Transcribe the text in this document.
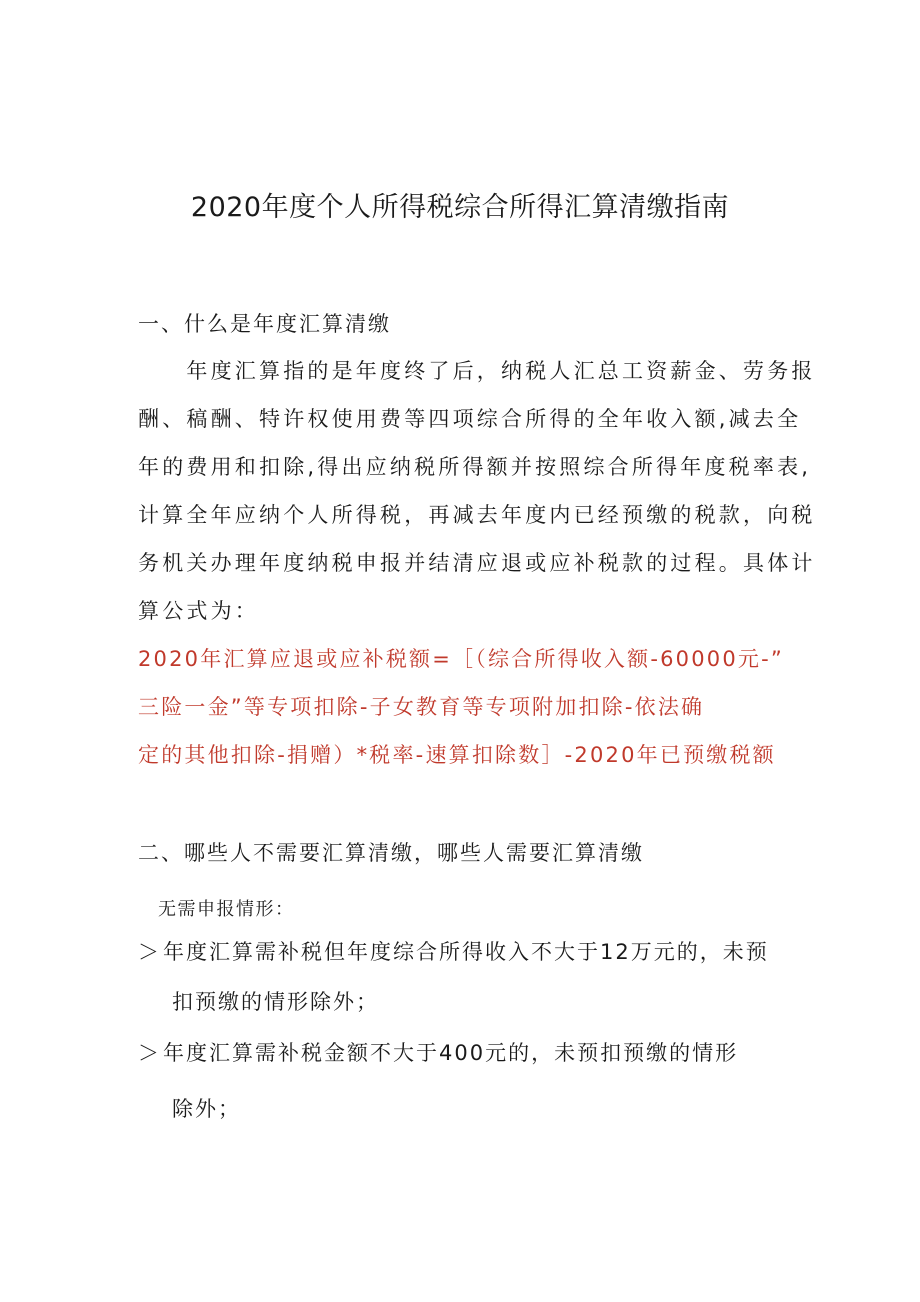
2020年度个人所得税综合所得汇算清缴指南
一、什么是年度汇算清缴
　　年度汇算指的是年度终了后，纳税人汇总工资薪金、劳务报
酬、稿酬、特许权使用费等四项综合所得的全年收入额,减去全
年的费用和扣除,得出应纳税所得额并按照综合所得年度税率表,
计算全年应纳个人所得税，再减去年度内已经预缴的税款，向税
务机关办理年度纳税申报并结清应退或应补税款的过程。具体计
算公式为：
2020年汇算应退或应补税额=［（综合所得收入额-60000元-”
三险一金”等专项扣除-子女教育等专项附加扣除-依法确
定的其他扣除-捐赠）*税率-速算扣除数］-2020年已预缴税额
二、哪些人不需要汇算清缴，哪些人需要汇算清缴
无需申报情形：
＞年度汇算需补税但年度综合所得收入不大于12万元的，未预
扣预缴的情形除外；
＞年度汇算需补税金额不大于400元的，未预扣预缴的情形
除外；
